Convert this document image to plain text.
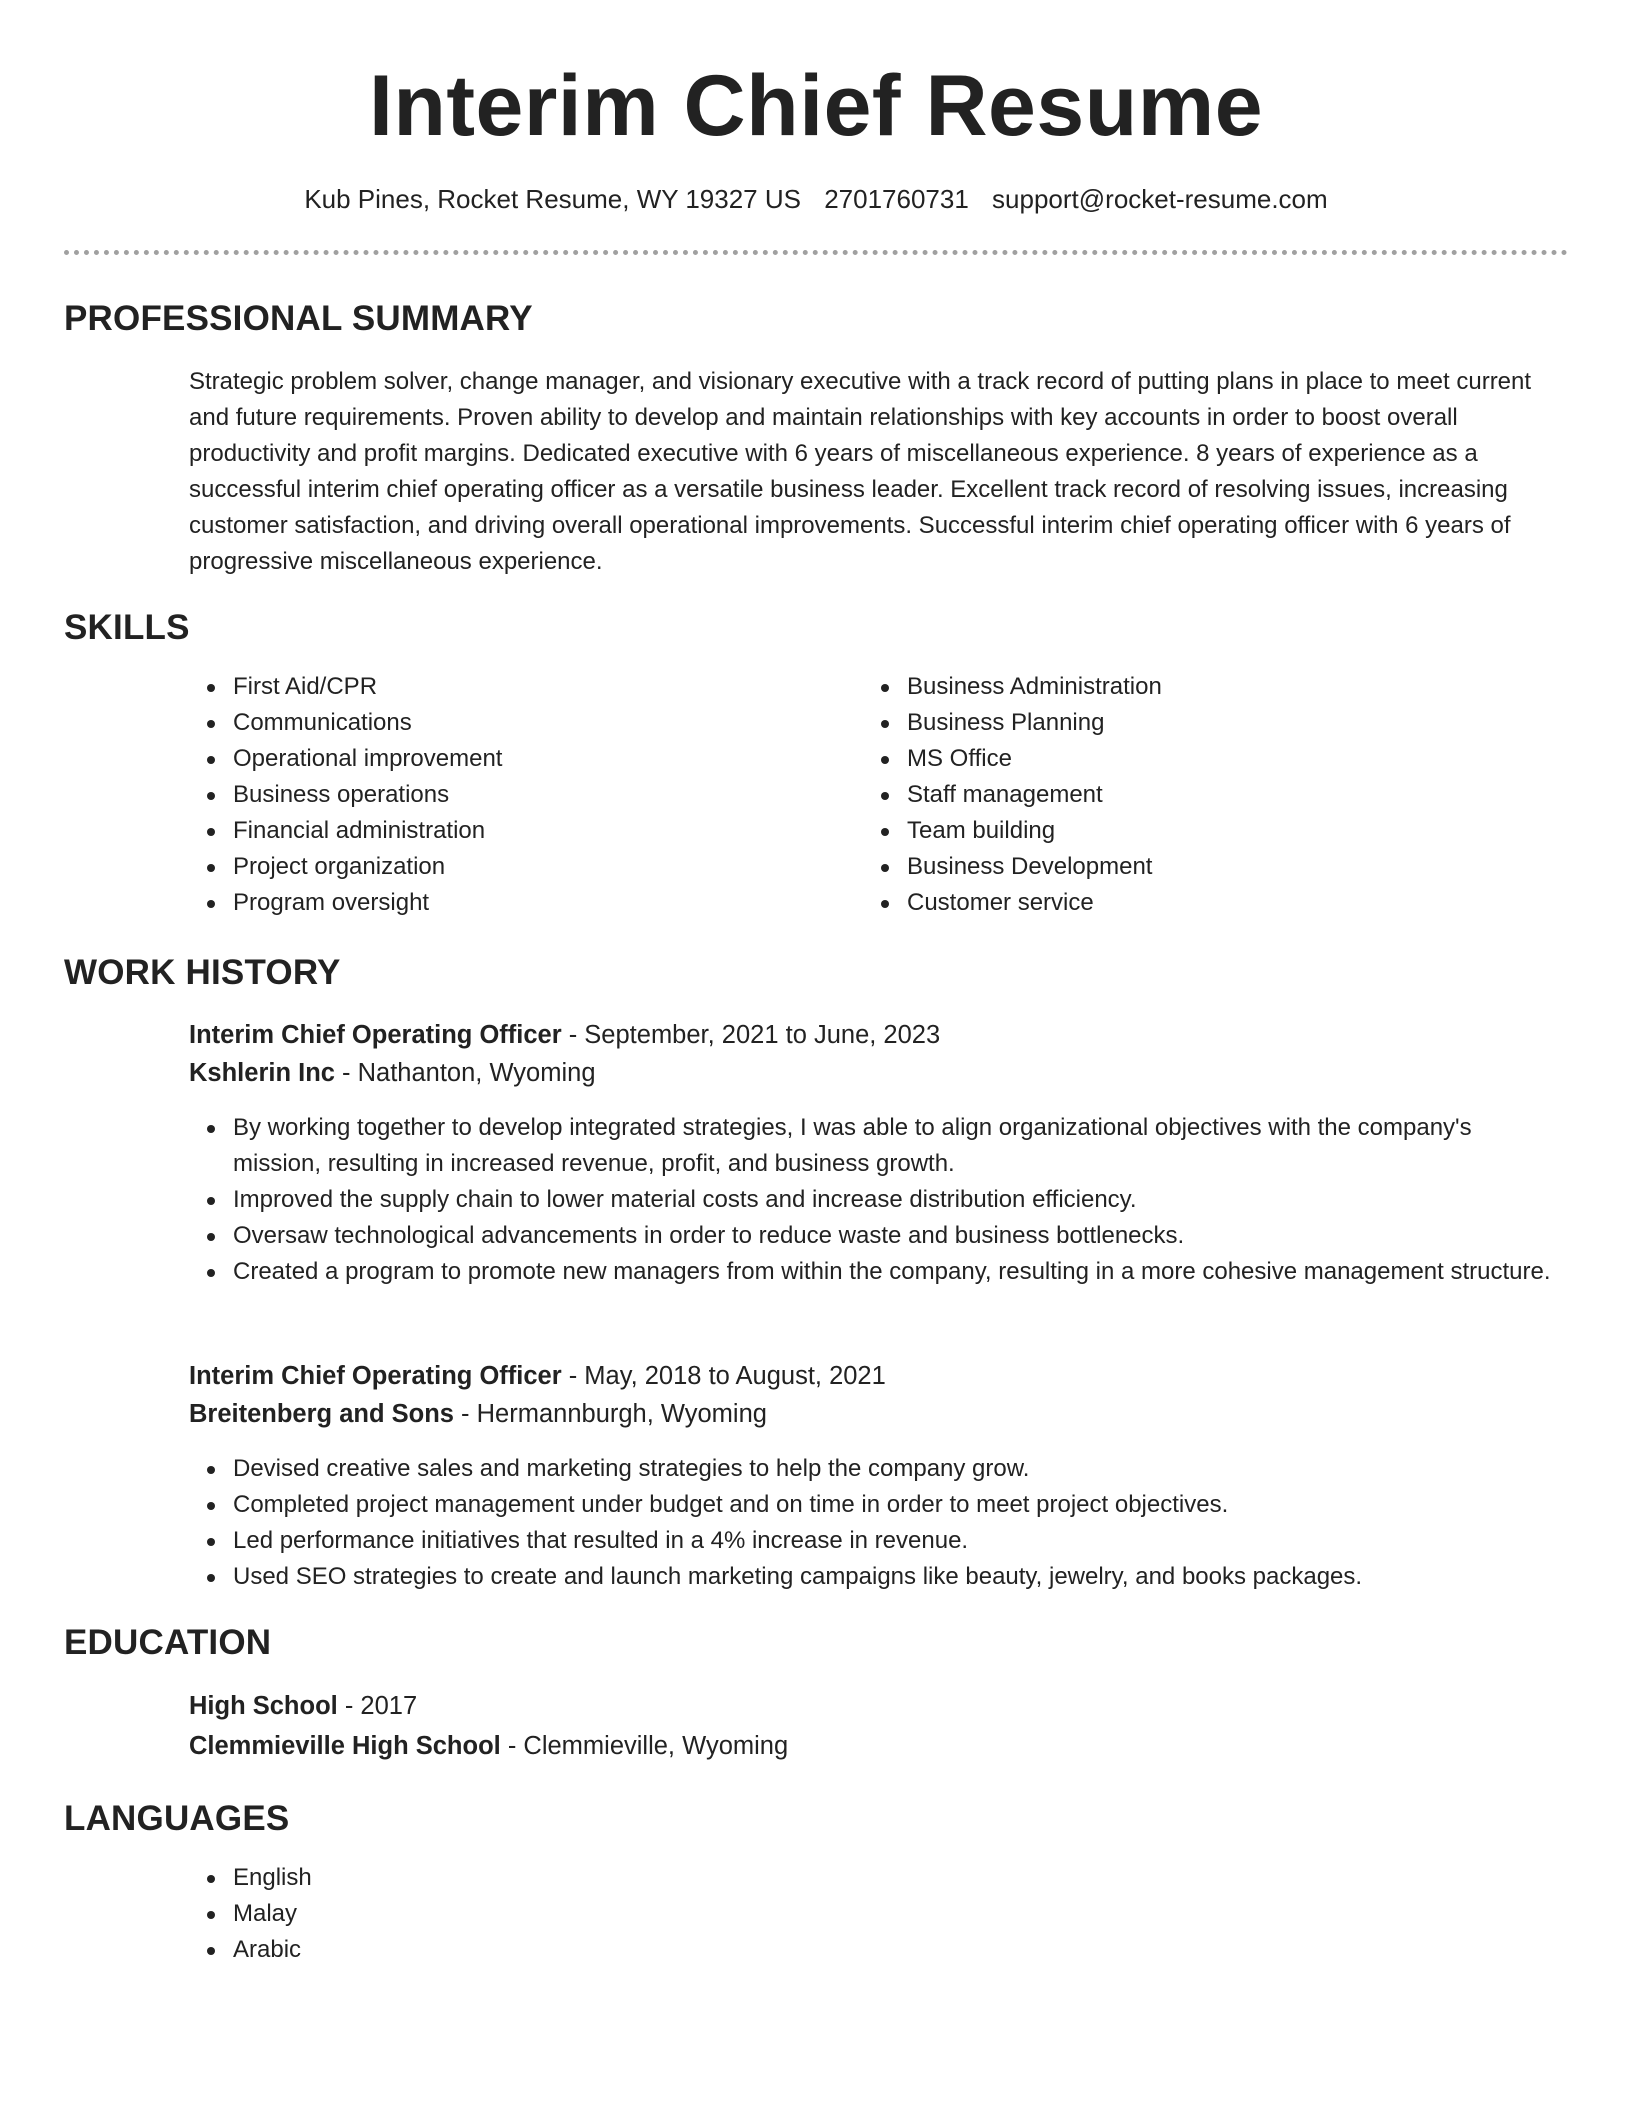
Interim Chief Resume
Kub Pines, Rocket Resume, WY 19327 US 2701760731 support@rocket-resume.com
PROFESSIONAL SUMMARY

Strategic problem solver, change manager, and visionary executive with a track record of putting plans in place to meet current and future requirements. Proven ability to develop and maintain relationships with key accounts in order to boost overall productivity and profit margins. Dedicated executive with 6 years of miscellaneous experience. 8 years of experience as a successful interim chief operating officer as a versatile business leader. Excellent track record of resolving issues, increasing customer satisfaction, and driving overall operational improvements. Successful interim chief operating officer with 6 years of progressive miscellaneous experience.

SKILLS
First Aid/CPR
Communications
Operational improvement
Business operations
Financial administration
Project organization
Program oversight
Business Administration
Business Planning
MS Office
Staff management
Team building
Business Development
Customer service
WORK HISTORY
Interim Chief Operating Officer - September, 2021 to June, 2023
Kshlerin Inc - Nathanton, Wyoming
By working together to develop integrated strategies, I was able to align organizational objectives with the company's mission, resulting in increased revenue, profit, and business growth.
Improved the supply chain to lower material costs and increase distribution efficiency.
Oversaw technological advancements in order to reduce waste and business bottlenecks.
Created a program to promote new managers from within the company, resulting in a more cohesive management structure.
Interim Chief Operating Officer - May, 2018 to August, 2021
Breitenberg and Sons - Hermannburgh, Wyoming
Devised creative sales and marketing strategies to help the company grow.
Completed project management under budget and on time in order to meet project objectives.
Led performance initiatives that resulted in a 4% increase in revenue.
Used SEO strategies to create and launch marketing campaigns like beauty, jewelry, and books packages.
EDUCATION
High School - 2017
Clemmieville High School - Clemmieville, Wyoming
LANGUAGES
English
Malay
Arabic
